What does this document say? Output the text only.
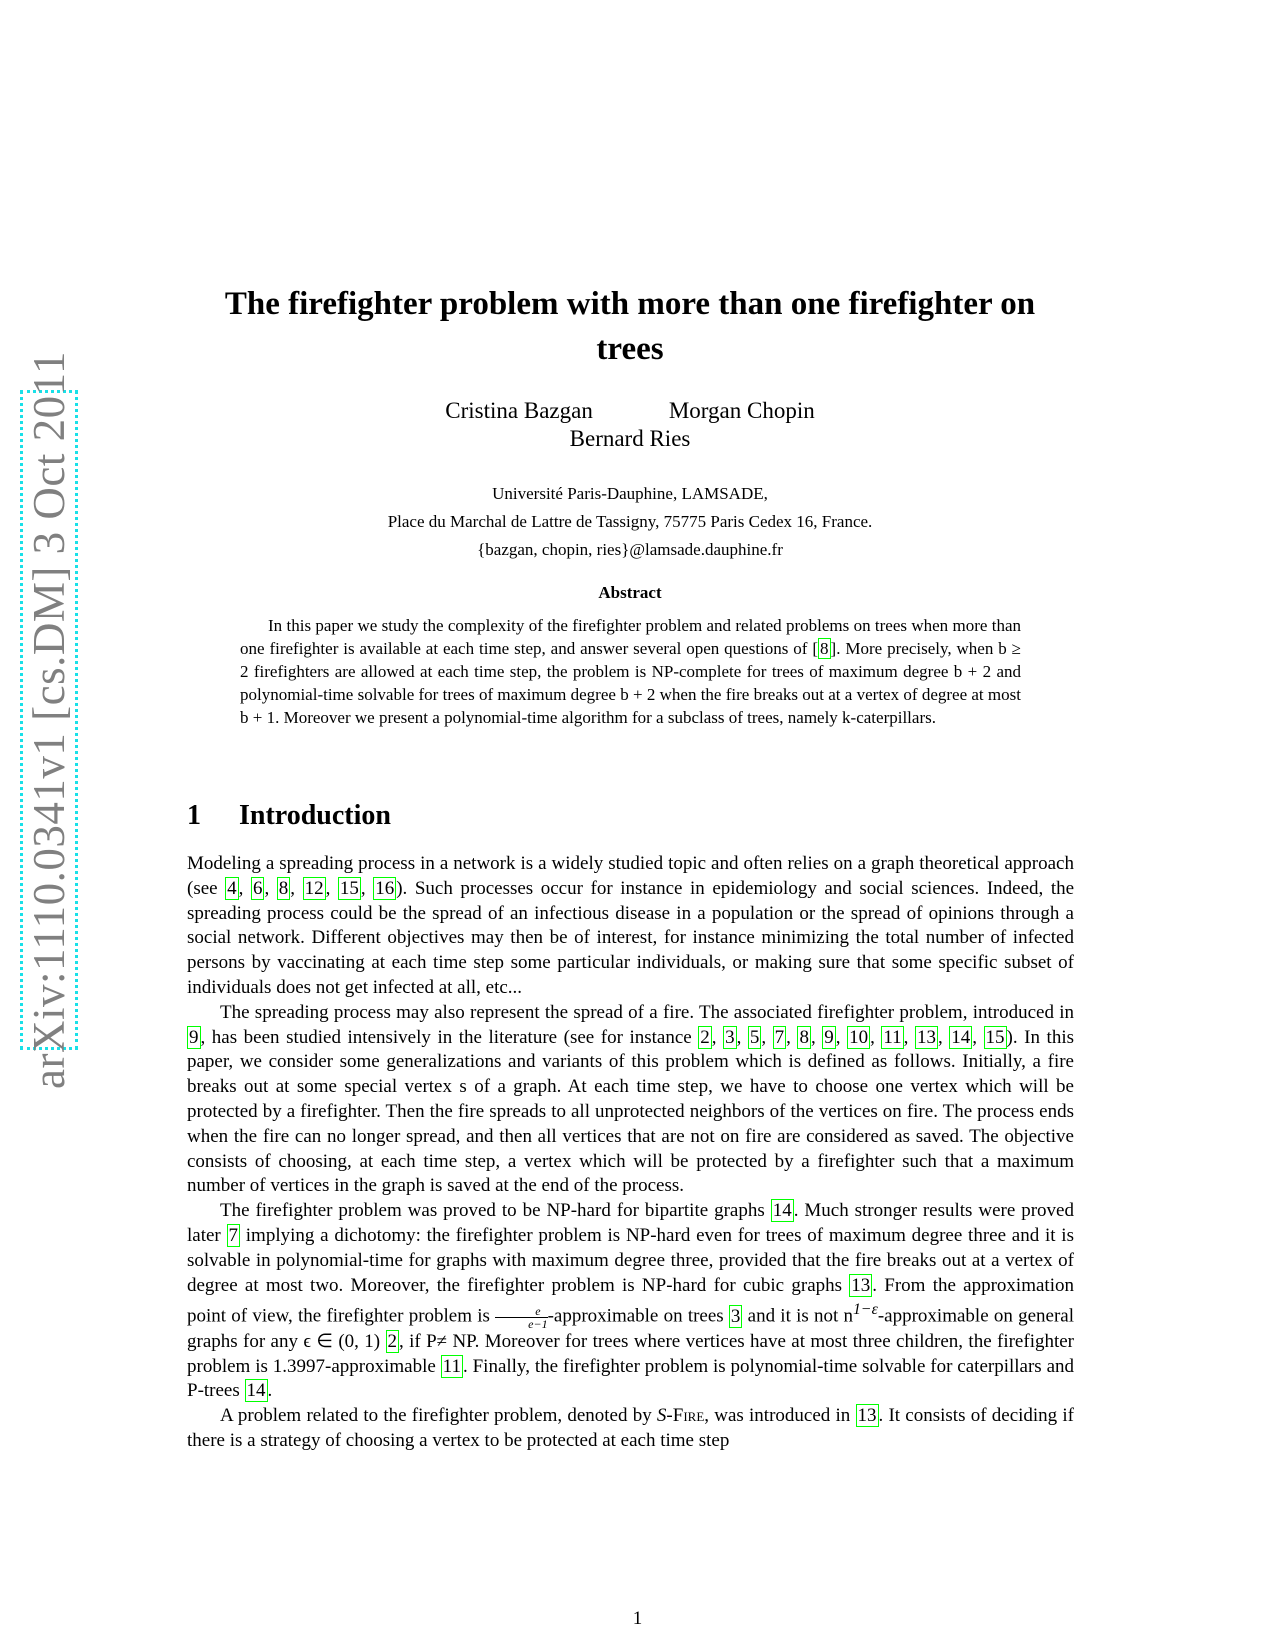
arXiv:1110.0341v1 [cs.DM] 3 Oct 2011
The firefighter problem with more than one firefighter on trees
Cristina Bazgan	Morgan Chopin
Bernard Ries
Université Paris-Dauphine, LAMSADE,
Place du Marchal de Lattre de Tassigny, 75775 Paris Cedex 16, France.
{bazgan, chopin, ries}@lamsade.dauphine.fr
Abstract

In this paper we study the complexity of the firefighter problem and related problems on trees when more than one firefighter is available at each time step, and answer several open questions of [ 8 ]. More precisely, when b ≥ 2 firefighters are allowed at each time step, the problem is NP-complete for trees of maximum degree b + 2 and polynomial-time solvable for trees of maximum degree b + 2 when the fire breaks out at a vertex of degree at most b + 1. Moreover we present a polynomial-time algorithm for a subclass of trees, namely k-caterpillars.

1 Introduction

Modeling a spreading process in a network is a widely studied topic and often relies on a graph theoretical approach (see 4 , 6 , 8 , 12 , 15 , 16 ). Such processes occur for instance in epidemiology and social sciences. Indeed, the spreading process could be the spread of an infectious disease in a population or the spread of opinions through a social network. Different objectives may then be of interest, for instance minimizing the total number of infected persons by vaccinating at each time step some particular individuals, or making sure that some specific subset of individuals does not get infected at all, etc...

The spreading process may also represent the spread of a fire. The associated firefighter problem, introduced in 9 , has been studied intensively in the literature (see for instance 2 , 3 , 5 , 7 , 8 , 9 , 10 , 11 , 13 , 14 , 15 ). In this paper, we consider some generalizations and variants of this problem which is defined as follows. Initially, a fire breaks out at some special vertex s of a graph. At each time step, we have to choose one vertex which will be protected by a firefighter. Then the fire spreads to all unprotected neighbors of the vertices on fire. The process ends when the fire can no longer spread, and then all vertices that are not on fire are considered as saved. The objective consists of choosing, at each time step, a vertex which will be protected by a firefighter such that a maximum number of vertices in the graph is saved at the end of the process.

The firefighter problem was proved to be NP-hard for bipartite graphs 14 . Much stronger results were proved later 7 implying a dichotomy: the firefighter problem is NP-hard even for trees of maximum degree three and it is solvable in polynomial-time for graphs with maximum degree three, provided that the fire breaks out at a vertex of degree at most two. Moreover, the firefighter problem is NP-hard for cubic graphs 13 . From the approximation point of view, the firefighter problem is $\frac{e}{e-1}$ -approximable on trees 3 and it is not $n^{1-\varepsilon}$-approximable on general graphs for any ϵ ∈ (0, 1) 2 , if P≠ NP. Moreover for trees where vertices have at most three children, the firefighter problem is 1.3997-approximable 11 . Finally, the firefighter problem is polynomial-time solvable for caterpillars and P-trees 14 .

A problem related to the firefighter problem, denoted by S-Fire, was introduced in 13 . It consists of deciding if there is a strategy of choosing a vertex to be protected at each time step

1
